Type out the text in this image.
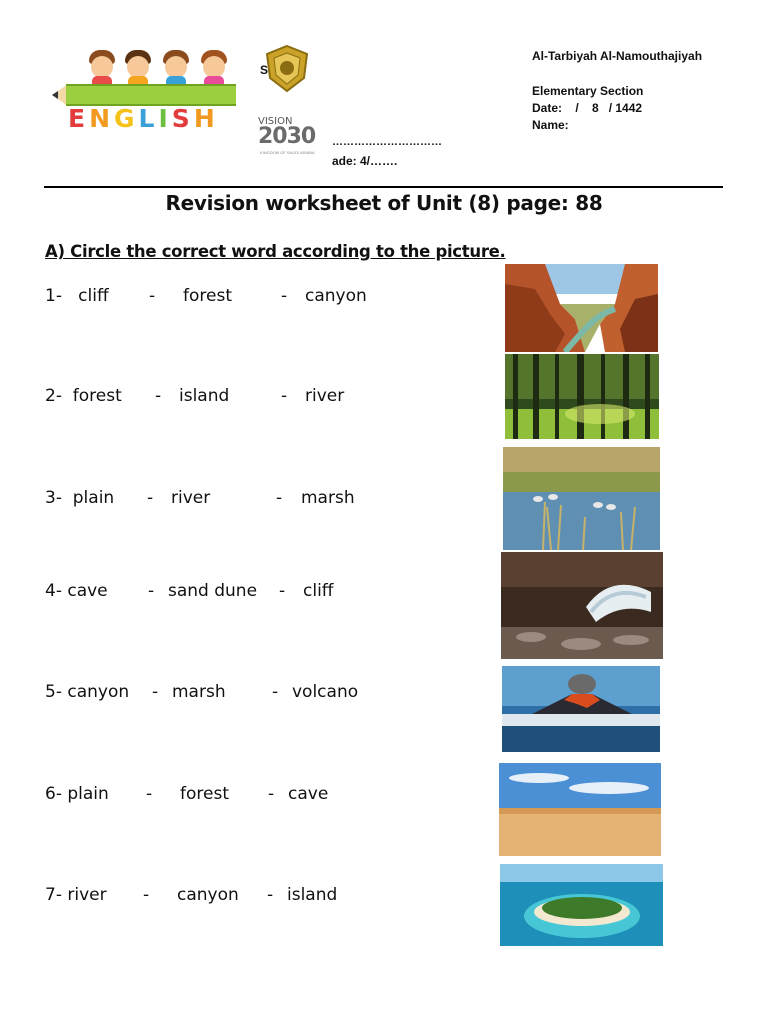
ENGLISH
S
VISION
2030
KINGDOM OF SAUDI ARABIA
…………………………
ade: 4/…….
Al-Tarbiyah Al-Namouthajiyah
Elementary Section
Date:    /    8   / 1442
Name:
Revision worksheet of Unit (8) page: 88
A) Circle the correct word according to the picture.

1-   cliff

-

forest

	-

canyon

2-  forest

-

island

	-

river

3-  plain

-

river

	-

marsh

4- cave

-

sand dune

-

cliff

5- canyon

-

marsh

	-

volcano

6- plain

-

forest

-

cave

7- river

-

canyon

-

island
